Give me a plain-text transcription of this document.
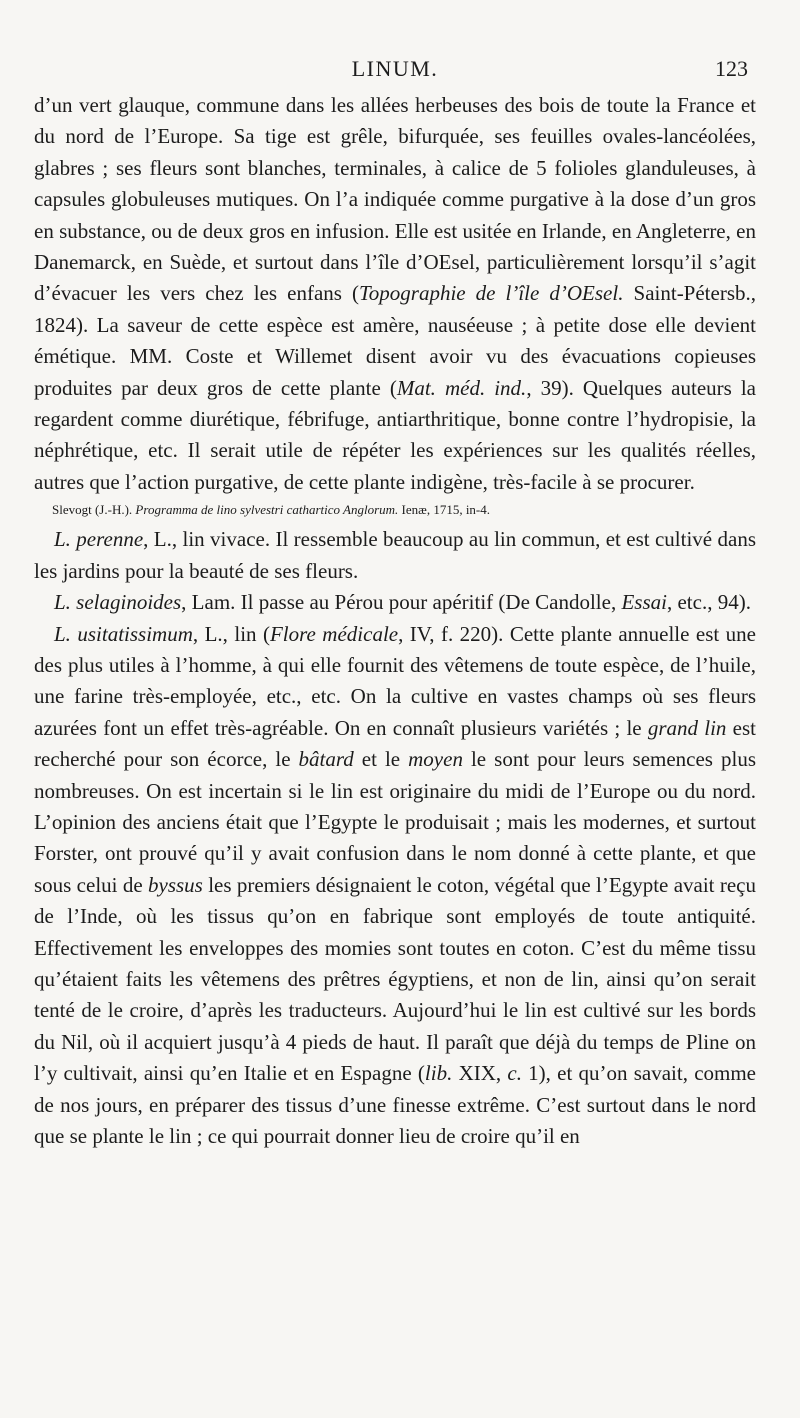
LINUM.	123

d’un vert glauque, commune dans les allées herbeuses des bois de toute la France et du nord de l’Europe. Sa tige est grêle, bifurquée, ses feuilles ovales-lancéolées, glabres ; ses fleurs sont blanches, terminales, à calice de 5 folioles glanduleuses, à capsules globuleuses mutiques. On l’a indiquée comme purgative à la dose d’un gros en substance, ou de deux gros en infusion. Elle est usitée en Irlande, en Angleterre, en Danemarck, en Suède, et surtout dans l’île d’OEsel, particulièrement lorsqu’il s’agit d’évacuer les vers chez les enfans (Topographie de l’île d’OEsel. Saint-Pétersb., 1824). La saveur de cette espèce est amère, nauséeuse ; à petite dose elle devient émétique. MM. Coste et Willemet disent avoir vu des évacuations copieuses produites par deux gros de cette plante (Mat. méd. ind., 39). Quelques auteurs la regardent comme diurétique, fébrifuge, antiarthritique, bonne contre l’hydropisie, la néphrétique, etc. Il serait utile de répéter les expériences sur les qualités réelles, autres que l’action purgative, de cette plante indigène, très-facile à se procurer.

Slevogt (J.-H.). Programma de lino sylvestri cathartico Anglorum. Ienæ, 1715, in-4.

L. perenne, L., lin vivace. Il ressemble beaucoup au lin commun, et est cultivé dans les jardins pour la beauté de ses fleurs.

L. selaginoides, Lam. Il passe au Pérou pour apéritif (De Candolle, Essai, etc., 94).

L. usitatissimum, L., lin (Flore médicale, IV, f. 220). Cette plante annuelle est une des plus utiles à l’homme, à qui elle fournit des vêtemens de toute espèce, de l’huile, une farine très-employée, etc., etc. On la cultive en vastes champs où ses fleurs azurées font un effet très-agréable. On en connaît plusieurs variétés ; le grand lin est recherché pour son écorce, le bâtard et le moyen le sont pour leurs semences plus nombreuses. On est incertain si le lin est originaire du midi de l’Europe ou du nord. L’opinion des anciens était que l’Egypte le produisait ; mais les modernes, et surtout Forster, ont prouvé qu’il y avait confusion dans le nom donné à cette plante, et que sous celui de byssus les premiers désignaient le coton, végétal que l’Egypte avait reçu de l’Inde, où les tissus qu’on en fabrique sont employés de toute antiquité. Effectivement les enveloppes des momies sont toutes en coton. C’est du même tissu qu’étaient faits les vêtemens des prêtres égyptiens, et non de lin, ainsi qu’on serait tenté de le croire, d’après les traducteurs. Aujourd’hui le lin est cultivé sur les bords du Nil, où il acquiert jusqu’à 4 pieds de haut. Il paraît que déjà du temps de Pline on l’y cultivait, ainsi qu’en Italie et en Espagne (lib. XIX, c. 1), et qu’on savait, comme de nos jours, en préparer des tissus d’une finesse extrême. C’est surtout dans le nord que se plante le lin ; ce qui pourrait donner lieu de croire qu’il en
